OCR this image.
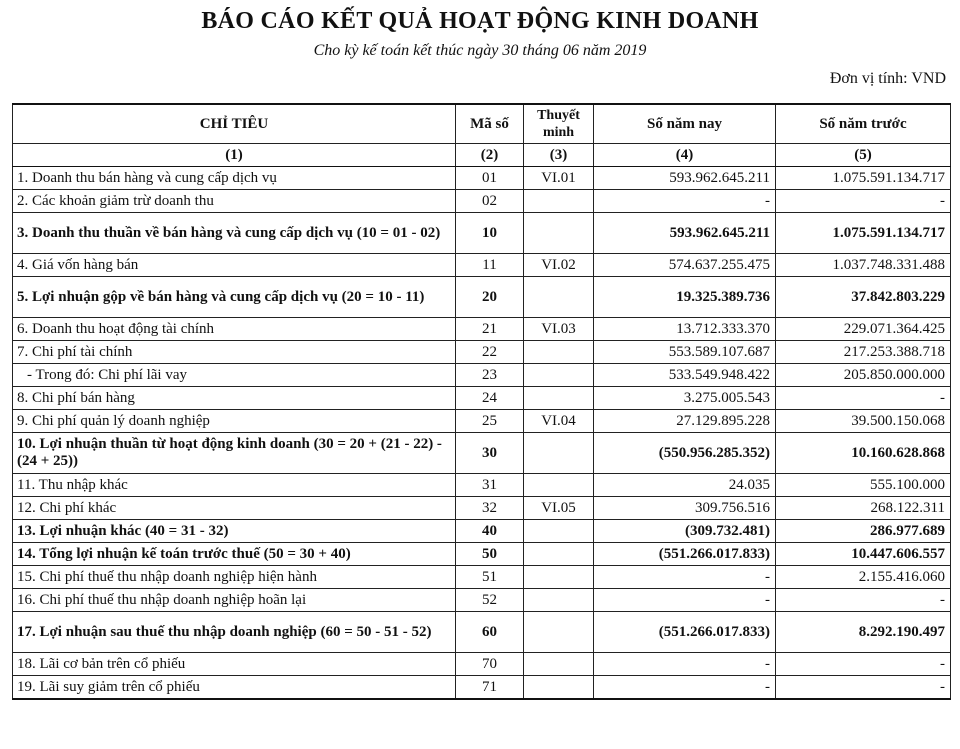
BÁO CÁO KẾT QUẢ HOẠT ĐỘNG KINH DOANH
Cho kỳ kế toán kết thúc ngày 30 tháng 06 năm 2019
Đơn vị tính: VND
CHỈ TIÊU	Mã số	Thuyết minh	Số năm nay	Số năm trước
(1)	(2)	(3)	(4)	(5)
1. Doanh thu bán hàng và cung cấp dịch vụ	01	VI.01	593.962.645.211	1.075.591.134.717
2. Các khoản giảm trừ doanh thu	02		-	-
3. Doanh thu thuần về bán hàng và cung cấp dịch vụ (10 = 01 - 02)	10		593.962.645.211	1.075.591.134.717
4. Giá vốn hàng bán	11	VI.02	574.637.255.475	1.037.748.331.488
5. Lợi nhuận gộp về bán hàng và cung cấp dịch vụ (20 = 10 - 11)	20		19.325.389.736	37.842.803.229
6. Doanh thu hoạt động tài chính	21	VI.03	13.712.333.370	229.071.364.425
7. Chi phí tài chính	22		553.589.107.687	217.253.388.718
- Trong đó: Chi phí lãi vay	23		533.549.948.422	205.850.000.000
8. Chi phí bán hàng	24		3.275.005.543	-
9. Chi phí quản lý doanh nghiệp	25	VI.04	27.129.895.228	39.500.150.068
10. Lợi nhuận thuần từ hoạt động kinh doanh (30 = 20 + (21 - 22) - (24 + 25))	30		(550.956.285.352)	10.160.628.868
11. Thu nhập khác	31		24.035	555.100.000
12. Chi phí khác	32	VI.05	309.756.516	268.122.311
13. Lợi nhuận khác (40 = 31 - 32)	40		(309.732.481)	286.977.689
14. Tổng lợi nhuận kế toán trước thuế (50 = 30 + 40)	50		(551.266.017.833)	10.447.606.557
15. Chi phí thuế thu nhập doanh nghiệp hiện hành	51		-	2.155.416.060
16. Chi phí thuế thu nhập doanh nghiệp hoãn lại	52		-	-
17. Lợi nhuận sau thuế thu nhập doanh nghiệp (60 = 50 - 51 - 52)	60		(551.266.017.833)	8.292.190.497
18. Lãi cơ bản trên cổ phiếu	70		-	-
19. Lãi suy giảm trên cổ phiếu	71		-	-
